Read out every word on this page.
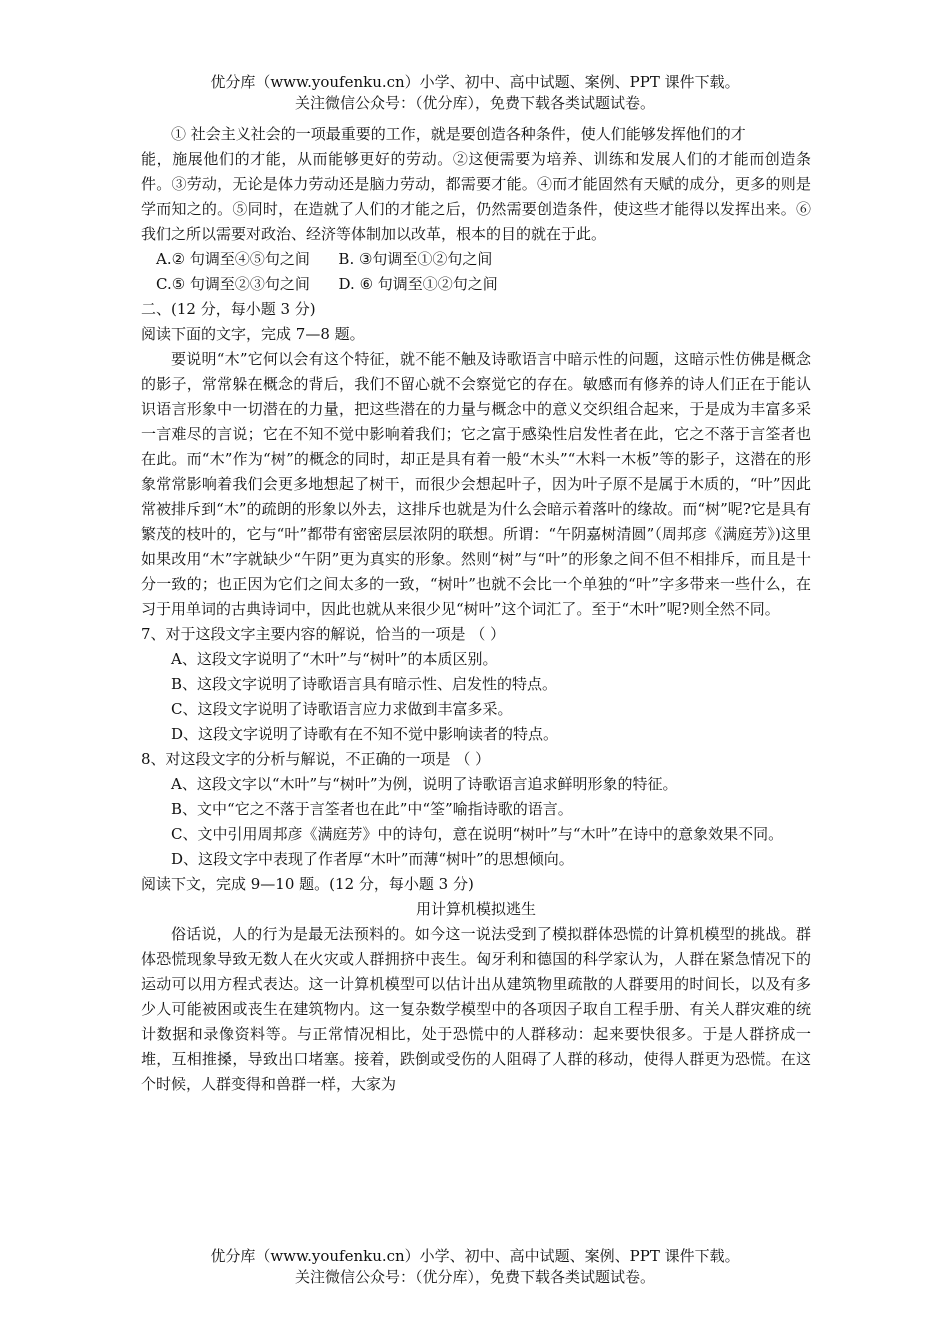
优分库（www.youfenku.cn）小学、初中、高中试题、案例、PPT 课件下载。
关注微信公众号：（优分库），免费下载各类试题试卷。

① 社会主义社会的一项最重要的工作，就是要创造各种条件，使人们能够发挥他们的才

能，施展他们的才能，从而能够更好的劳动。②这便需要为培养、训练和发展人们的才能而创造条件。③劳动，无论是体力劳动还是脑力劳动，都需要才能。④而才能固然有天赋的成分，更多的则是学而知之的。⑤同时，在造就了人们的才能之后，仍然需要创造条件，使这些才能得以发挥出来。⑥我们之所以需要对政治、经济等体制加以改革，根本的目的就在于此。

A.② 句调至④⑤句之间      B. ③句调至①②句之间

C.⑤ 句调至②③句之间      D. ⑥ 句调至①②句之间

二、(12 分，每小题 3 分)

阅读下面的文字，完成 7—8 题。

要说明“木”它何以会有这个特征，就不能不触及诗歌语言中暗示性的问题，这暗示性仿佛是概念的影子，常常躲在概念的背后，我们不留心就不会察觉它的存在。敏感而有修养的诗人们正在于能认识语言形象中一切潜在的力量，把这些潜在的力量与概念中的意义交织组合起来，于是成为丰富多采一言难尽的言说；它在不知不觉中影响着我们；它之富于感染性启发性者在此，它之不落于言筌者也在此。而“木”作为“树”的概念的同时，却正是具有着一般“木头”“木料一木板”等的影子，这潜在的形象常常影响着我们会更多地想起了树干，而很少会想起叶子，因为叶子原不是属于木质的，“叶”因此常被排斥到“木”的疏朗的形象以外去，这排斥也就是为什么会暗示着落叶的缘故。而“树”呢?它是具有繁茂的枝叶的，它与“叶”都带有密密层层浓阴的联想。所谓：“午阴嘉树清圆”（周邦彦《满庭芳》)这里如果改用“木”字就缺少“午阴”更为真实的形象。然则“树”与“叶”的形象之间不但不相排斥，而且是十分一致的；也正因为它们之间太多的一致，“树叶”也就不会比一个单独的“叶”字多带来一些什么，在习于用单词的古典诗词中，因此也就从来很少见“树叶”这个词汇了。至于“木叶”呢?则全然不同。

7、对于这段文字主要内容的解说，恰当的一项是 （ ）

A、这段文字说明了“木叶”与“树叶”的本质区别。

B、这段文字说明了诗歌语言具有暗示性、启发性的特点。

C、这段文字说明了诗歌语言应力求做到丰富多采。

D、这段文字说明了诗歌有在不知不觉中影响读者的特点。

8、对这段文字的分析与解说，不正确的一项是 （ ）

A、这段文字以“木叶”与“树叶”为例，说明了诗歌语言追求鲜明形象的特征。

B、文中“它之不落于言筌者也在此”中“筌”喻指诗歌的语言。

C、文中引用周邦彦《满庭芳》中的诗句，意在说明“树叶”与“木叶”在诗中的意象效果不同。

D、这段文字中表现了作者厚“木叶”而薄“树叶”的思想倾向。

阅读下文，完成 9—10 题。(12 分，每小题 3 分)

用计算机模拟逃生

俗话说，人的行为是最无法预料的。如今这一说法受到了模拟群体恐慌的计算机模型的挑战。群体恐慌现象导致无数人在火灾或人群拥挤中丧生。匈牙利和德国的科学家认为，人群在紧急情况下的运动可以用方程式表达。这一计算机模型可以估计出从建筑物里疏散的人群要用的时间长，以及有多少人可能被困或丧生在建筑物内。这一复杂数学模型中的各项因子取自工程手册、有关人群灾难的统计数据和录像资料等。与正常情况相比，处于恐慌中的人群移动：起来要快很多。于是人群挤成一堆，互相推搡，导致出口堵塞。接着，跌倒或受伤的人阻碍了人群的移动，使得人群更为恐慌。在这个时候，人群变得和兽群一样，大家为

优分库（www.youfenku.cn）小学、初中、高中试题、案例、PPT 课件下载。
关注微信公众号：（优分库），免费下载各类试题试卷。
